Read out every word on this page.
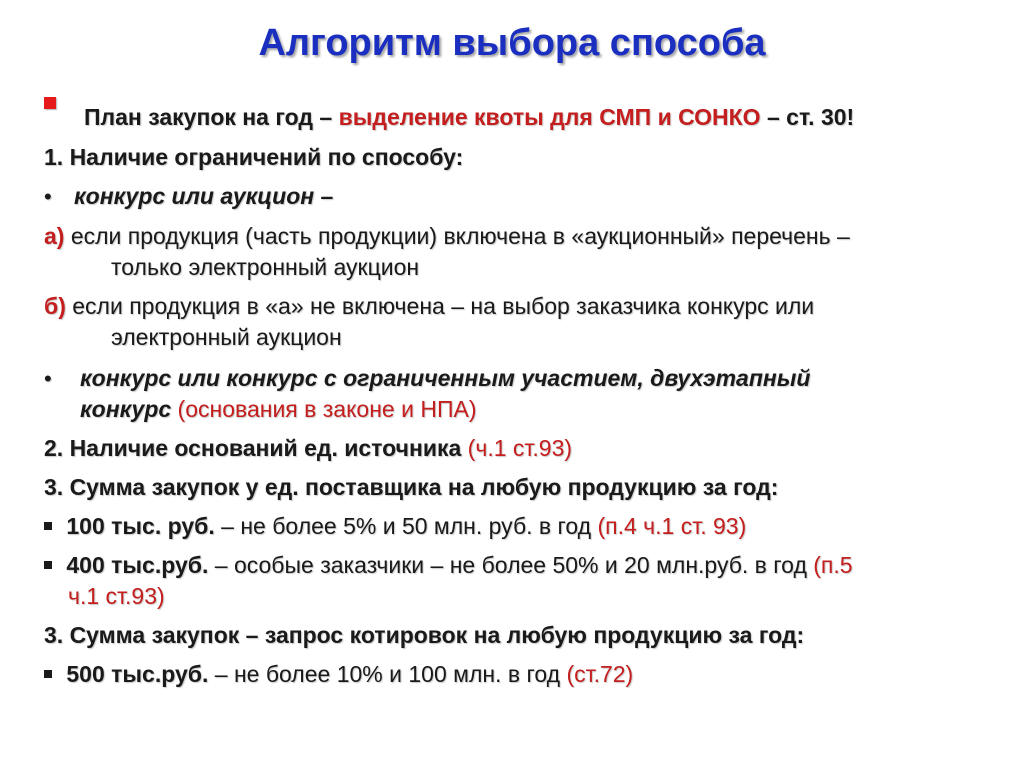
Алгоритм выбора способа
План закупок на год – выделение квоты для СМП и СОНКО – ст. 30!
1. Наличие ограничений по способу:
• конкурс или аукцион –
а) если продукция (часть продукции) включена в «аукционный» перечень –
только электронный аукцион
б) если продукция в «а» не включена – на выбор заказчика конкурс или
электронный аукцион
• конкурс или конкурс с ограниченным участием, двухэтапный
конкурс (основания в законе и НПА)
2. Наличие оснований ед. источника (ч.1 ст.93)
3. Сумма закупок у ед. поставщика на любую продукцию за год:
100 тыс. руб. – не более 5% и 50 млн. руб. в год (п.4 ч.1 ст. 93)
400 тыс.руб. – особые заказчики – не более 50% и 20 млн.руб. в год (п.5
ч.1 ст.93)
3. Сумма закупок – запрос котировок на любую продукцию за год:
500 тыс.руб. – не более 10% и 100 млн. в год (ст.72)
